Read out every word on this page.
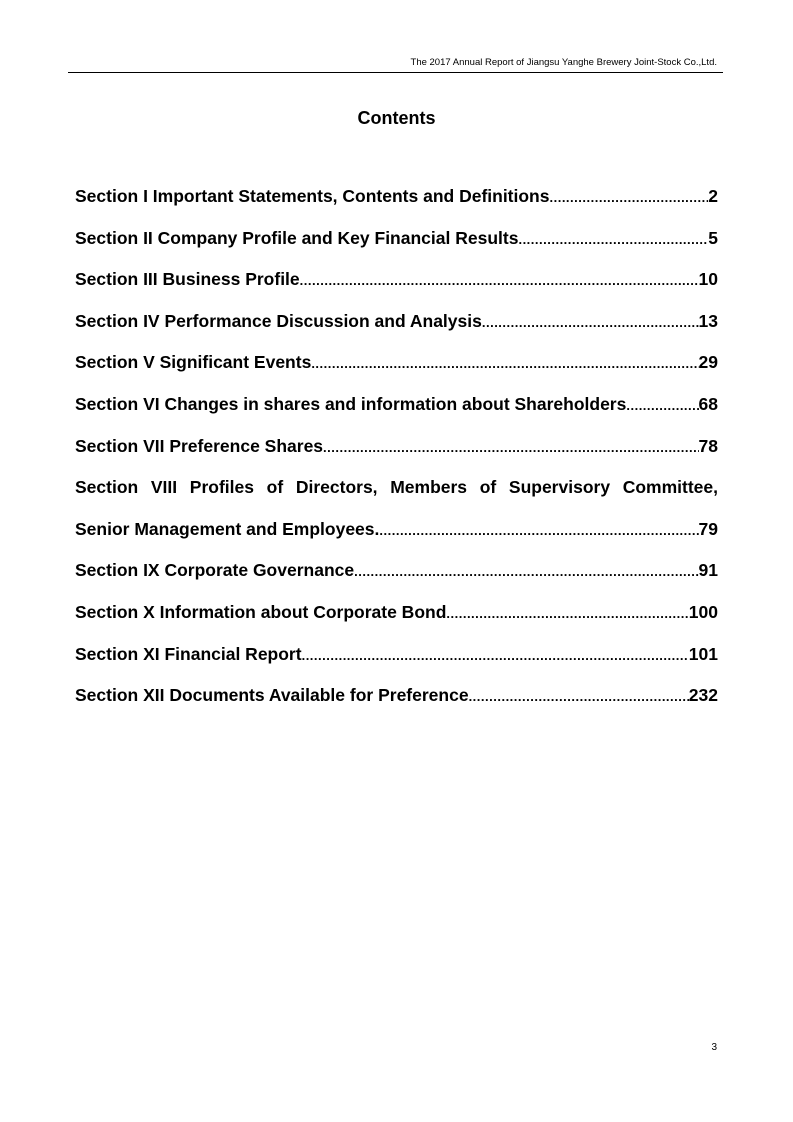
The 2017 Annual Report of Jiangsu Yanghe Brewery Joint-Stock Co.,Ltd.
Contents
Section I Important Statements, Contents and Definitions .....	2
Section II Company Profile and Key Financial Results .....	5
Section III Business Profile .....	10
Section IV Performance Discussion and Analysis .....	13
Section V Significant Events .....	29
Section VI Changes in shares and information about Shareholders .....	68
Section VII Preference Shares .....	78
Section VIII Profiles of Directors, Members of Supervisory Committee,
Senior Management and Employees. .....	79
Section IX Corporate Governance .....	91
Section X Information about Corporate Bond .....	100
Section XI Financial Report .....	101
Section XII Documents Available for Preference .....	232
3
